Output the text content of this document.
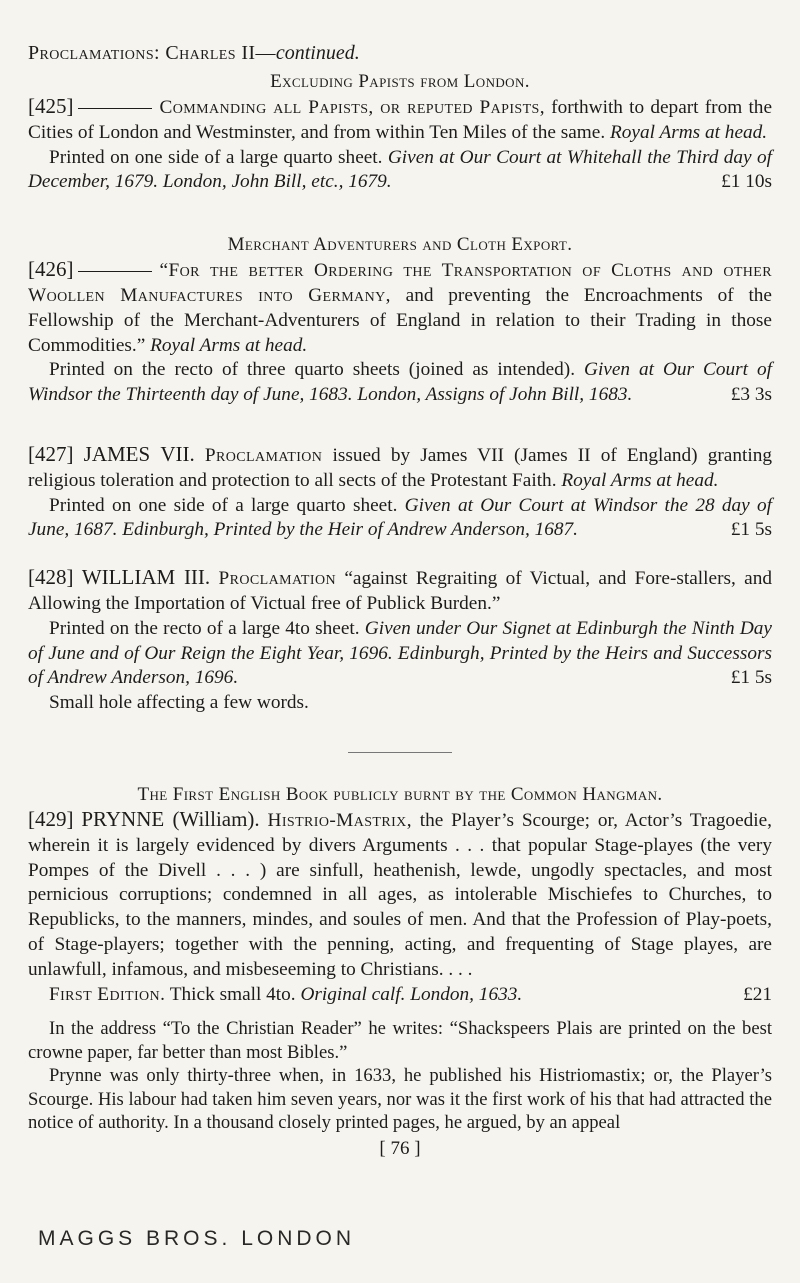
Proclamations: Charles II—continued.
Excluding Papists from London.

[425]	Commanding all Papists, or reputed Papists, forthwith to depart from the Cities of London and Westminster, and from within Ten Miles of the same. Royal Arms at head.

Printed on one side of a large quarto sheet. Given at Our Court at Whitehall the Third day of December, 1679. London, John Bill, etc., 1679.	£1 10s

Merchant Adventurers and Cloth Export.

[426]	“For the better Ordering the Transportation of Cloths and other Woollen Manufactures into Germany, and preventing the Encroachments of the Fellowship of the Merchant-Adventurers of England in relation to their Trading in those Commodities.” Royal Arms at head.

Printed on the recto of three quarto sheets (joined as intended). Given at Our Court of Windsor the Thirteenth day of June, 1683. London, Assigns of John Bill, 1683.	£3 3s

[427] JAMES VII. Proclamation issued by James VII (James II of England) granting religious toleration and protection to all sects of the Protestant Faith. Royal Arms at head.

Printed on one side of a large quarto sheet. Given at Our Court at Windsor the 28 day of June, 1687. Edinburgh, Printed by the Heir of Andrew Anderson, 1687.	£1 5s

[428] WILLIAM III. Proclamation “against Regraiting of Victual, and Fore-stallers, and Allowing the Importation of Victual free of Publick Burden.”

Printed on the recto of a large 4to sheet. Given under Our Signet at Edinburgh the Ninth Day of June and of Our Reign the Eight Year, 1696. Edinburgh, Printed by the Heirs and Successors of Andrew Anderson, 1696.	£1 5s

Small hole affecting a few words.

The First English Book publicly burnt by the Common Hangman.

[429] PRYNNE (William). Histrio-Mastrix, the Player’s Scourge; or, Actor’s Tragoedie, wherein it is largely evidenced by divers Arguments . . . that popular Stage-playes (the very Pompes of the Divell . . . ) are sinfull, heathenish, lewde, ungodly spectacles, and most pernicious corruptions; condemned in all ages, as intolerable Mischiefes to Churches, to Republicks, to the manners, mindes, and soules of men. And that the Profession of Play-poets, of Stage-players; together with the penning, acting, and frequenting of Stage playes, are unlawfull, infamous, and misbeseeming to Christians. . . .

First Edition. Thick small 4to. Original calf. London, 1633.	£21

In the address “To the Christian Reader” he writes: “Shackspeers Plais are printed on the best crowne paper, far better than most Bibles.”

Prynne was only thirty-three when, in 1633, he published his Histriomastix; or, the Player’s Scourge. His labour had taken him seven years, nor was it the first work of his that had attracted the notice of authority. In a thousand closely printed pages, he argued, by an appeal

[ 76 ]
MAGGS BROS. LONDON
